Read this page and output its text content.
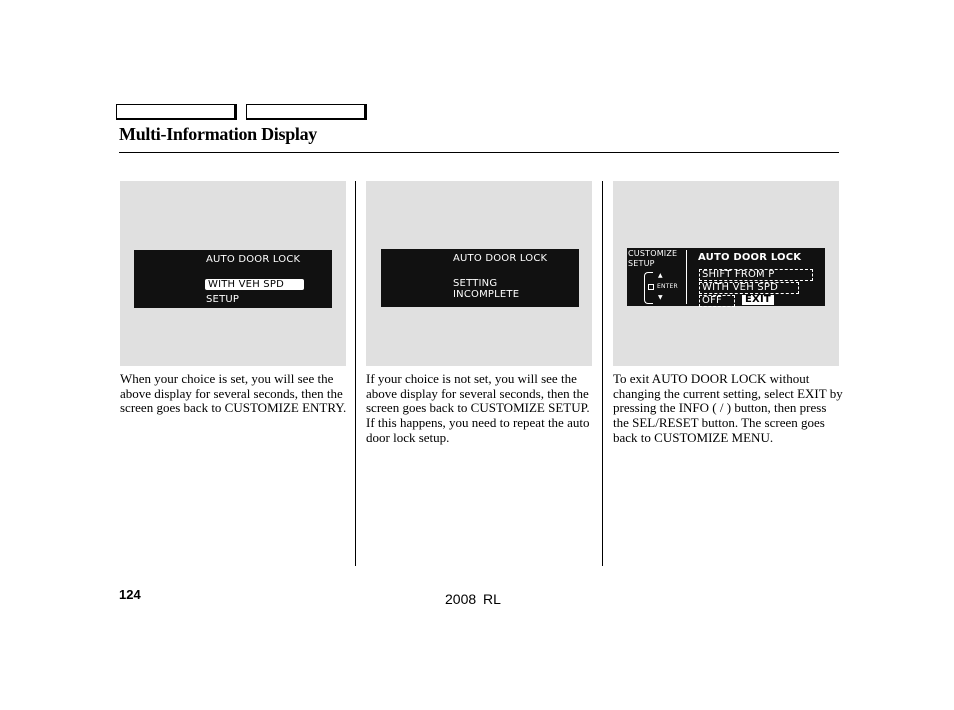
Multi-Information Display
AUTO DOOR LOCK
WITH VEH SPD
SETUP
AUTO DOOR LOCK
SETTING
INCOMPLETE
CUSTOMIZE
SETUP
▲
ENTER
▼
AUTO DOOR LOCK
SHIFT FROM P
WITH VEH SPD
OFF	EXIT
When your choice is set, you will see the above display for several seconds, then the screen goes back to CUSTOMIZE ENTRY.
If your choice is not set, you will see the above display for several seconds, then the screen goes back to CUSTOMIZE SETUP. If this happens, you need to repeat the auto door lock setup.
To exit AUTO DOOR LOCK without changing the current setting, select EXIT by pressing the INFO ( / ) button, then press the SEL/RESET button. The screen goes back to CUSTOMIZE MENU.
124	2008 RL
